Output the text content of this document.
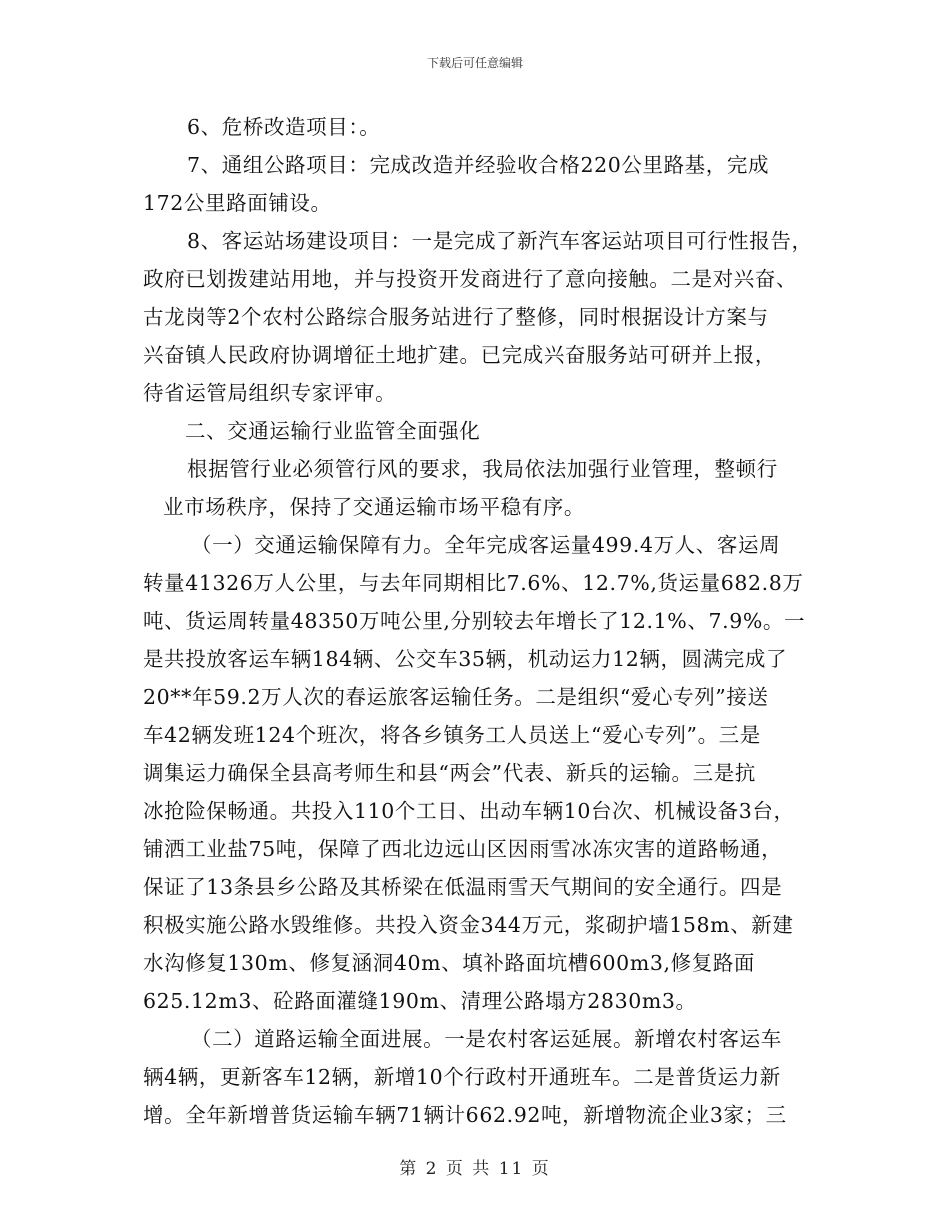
下载后可任意编辑
6、危桥改造项目：。
7、通组公路项目：完成改造并经验收合格220公里路基，完成
172公里路面铺设。
8、客运站场建设项目：一是完成了新汽车客运站项目可行性报告，
政府已划拨建站用地，并与投资开发商进行了意向接触。二是对兴奋、
古龙岗等2个农村公路综合服务站进行了整修，同时根据设计方案与
兴奋镇人民政府协调增征土地扩建。已完成兴奋服务站可研并上报，
待省运管局组织专家评审。
二、交通运输行业监管全面强化
根据管行业必须管行风的要求，我局依法加强行业管理，整顿行
业市场秩序，保持了交通运输市场平稳有序。
（一）交通运输保障有力。全年完成客运量499.4万人、客运周
转量41326万人公里，与去年同期相比7.6%、12.7%,货运量682.8万
吨、货运周转量48350万吨公里,分别较去年增长了12.1%、7.9%。一
是共投放客运车辆184辆、公交车35辆，机动运力12辆，圆满完成了
20**年59.2万人次的春运旅客运输任务。二是组织“爱心专列”接送
车42辆发班124个班次，将各乡镇务工人员送上“爱心专列”。三是
调集运力确保全县高考师生和县“两会”代表、新兵的运输。三是抗
冰抢险保畅通。共投入110个工日、出动车辆10台次、机械设备3台，
铺洒工业盐75吨，保障了西北边远山区因雨雪冰冻灾害的道路畅通，
保证了13条县乡公路及其桥梁在低温雨雪天气期间的安全通行。四是
积极实施公路水毁维修。共投入资金344万元，浆砌护墙158m、新建
水沟修复130m、修复涵洞40m、填补路面坑槽600m3,修复路面
625.12m3、砼路面灌缝190m、清理公路塌方2830m3。
（二）道路运输全面进展。一是农村客运延展。新增农村客运车
辆4辆，更新客车12辆，新增10个行政村开通班车。二是普货运力新
增。全年新增普货运输车辆71辆计662.92吨，新增物流企业3家；三
第 2 页 共 11 页
